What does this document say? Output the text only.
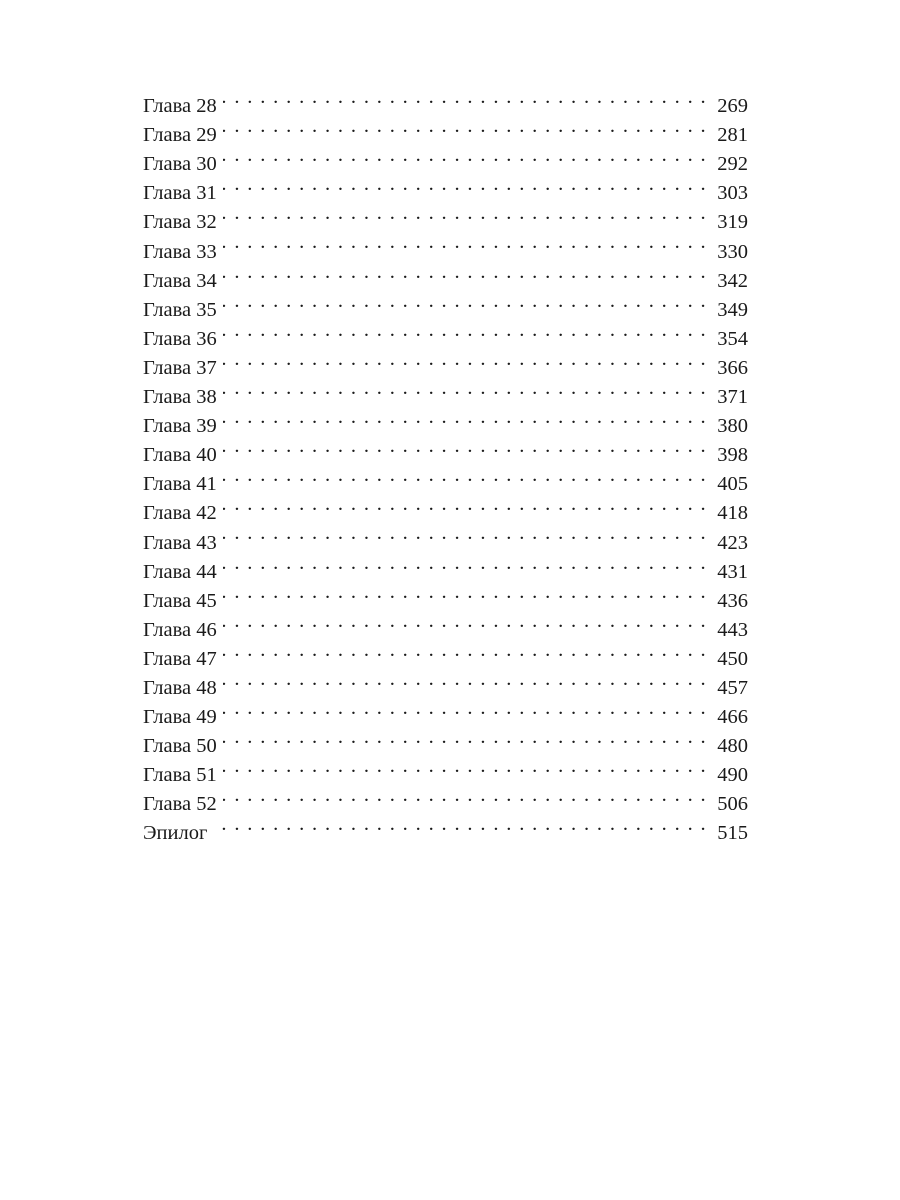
Глава 28 . . .	269
Глава 29 . . .	281
Глава 30 . . .	292
Глава 31 . . .	303
Глава 32 . . .	319
Глава 33 . . .	330
Глава 34 . . .	342
Глава 35 . . .	349
Глава 36 . . .	354
Глава 37 . . .	366
Глава 38 . . .	371
Глава 39 . . .	380
Глава 40 . . .	398
Глава 41 . . .	405
Глава 42 . . .	418
Глава 43 . . .	423
Глава 44 . . .	431
Глава 45 . . .	436
Глава 46 . . .	443
Глава 47 . . .	450
Глава 48 . . .	457
Глава 49 . . .	466
Глава 50 . . .	480
Глава 51 . . .	490
Глава 52 . . .	506
Эпилог . . .	515
